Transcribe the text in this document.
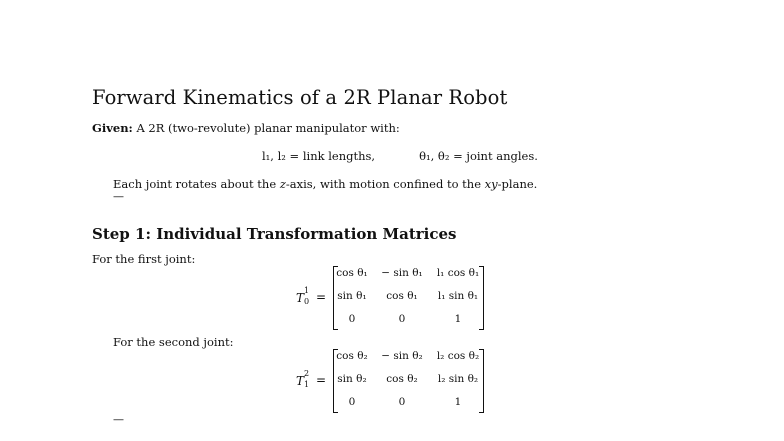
Forward Kinematics of a 2R Planar Robot
Given: A 2R (two-revolute) planar manipulator with:
l₁, l₂ = link lengths,	θ₁, θ₂ = joint angles.
Each joint rotates about the z-axis, with motion confined to the xy-plane.
—
Step 1: Individual Transformation Matrices
For the first joint:
T
1
0 =
cos θ₁	− sin θ₁	l₁ cos θ₁
sin θ₁	cos θ₁	l₁ sin θ₁
0	0	1
For the second joint:
T
2
1 =
cos θ₂	− sin θ₂	l₂ cos θ₂
sin θ₂	cos θ₂	l₂ sin θ₂
0	0	1
—
